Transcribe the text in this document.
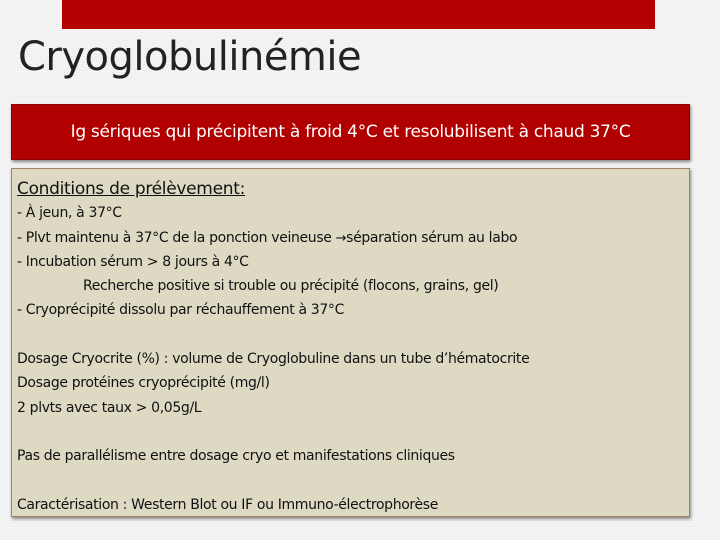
Cryoglobulinémie
Ig sériques qui précipitent à froid 4°C et resolubilisent à chaud 37°C
Conditions de prélèvement:
- À jeun, à 37°C
- Plvt maintenu à 37°C de la ponction veineuse →séparation sérum au labo
- Incubation sérum > 8 jours à 4°C
Recherche positive si trouble ou précipité (flocons, grains, gel)
- Cryoprécipité dissolu par réchauffement à 37°C
Dosage Cryocrite (%) : volume de Cryoglobuline dans un tube d’hématocrite
Dosage protéines cryoprécipité (mg/l)
2 plvts avec taux > 0,05g/L
Pas de parallélisme entre dosage cryo et manifestations cliniques
Caractérisation : Western Blot ou IF ou Immuno-électrophorèse
